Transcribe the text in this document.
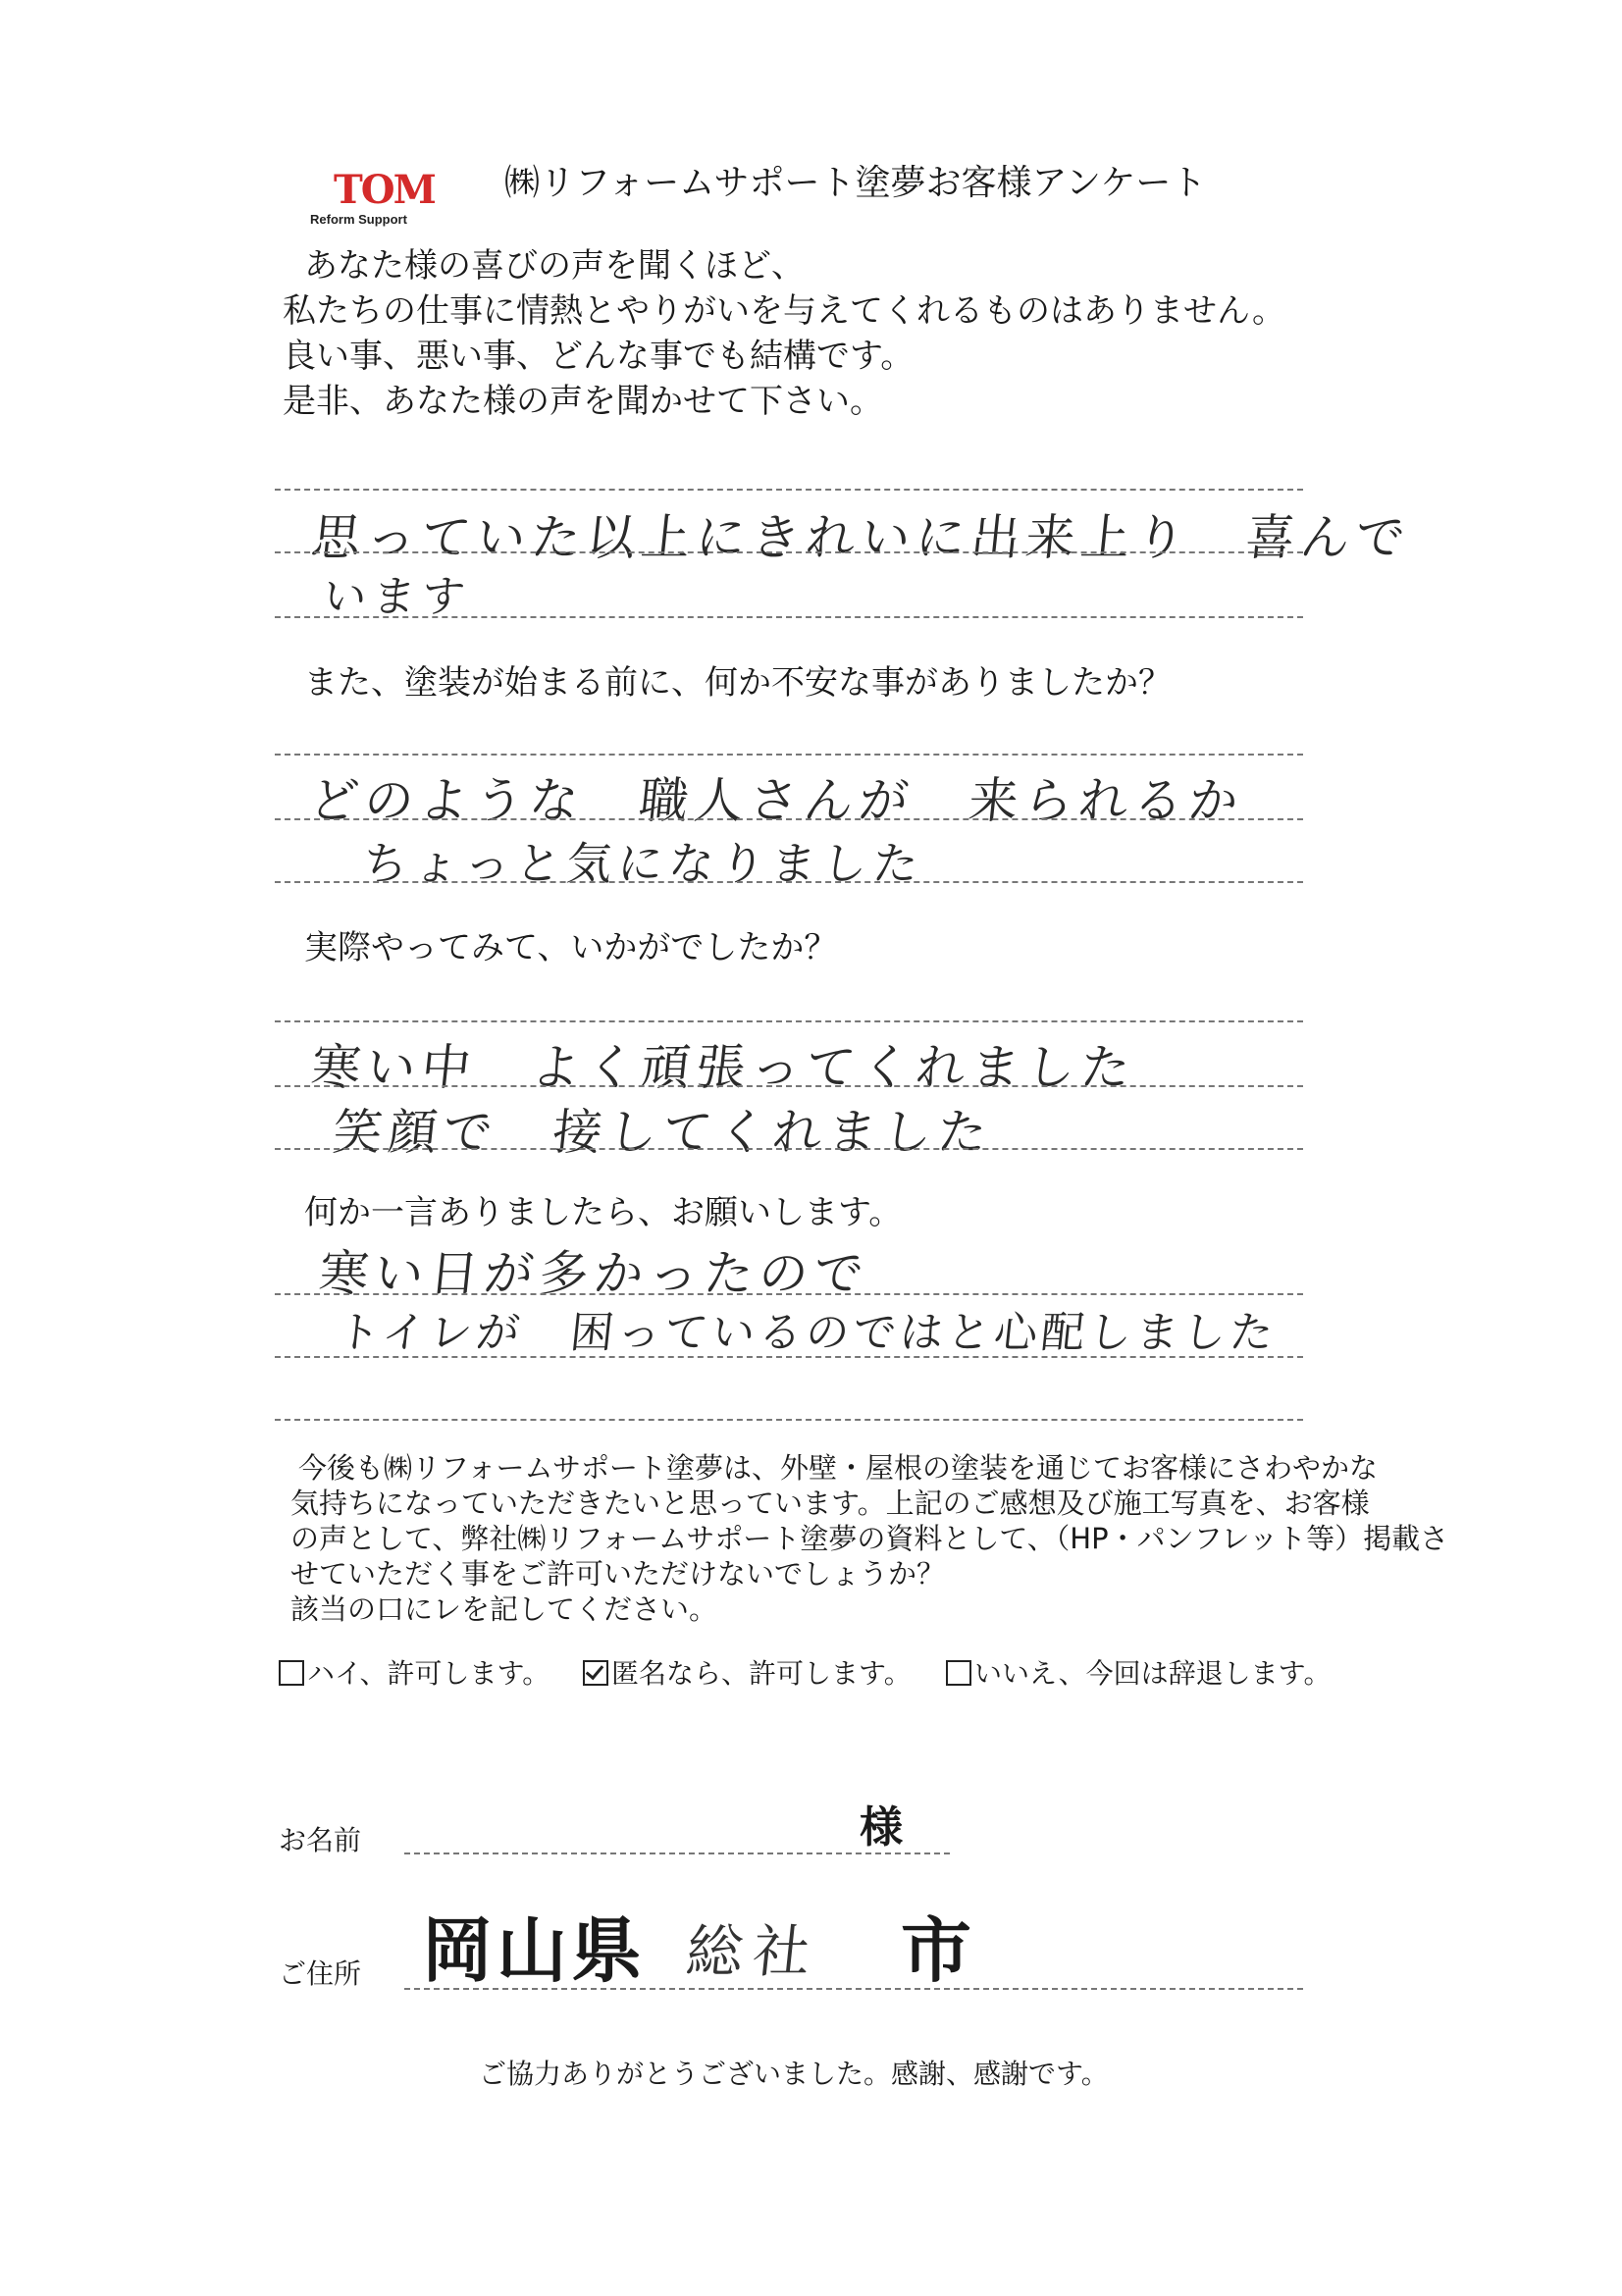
TOM
Reform Support
㈱リフォームサポート塗夢お客様アンケート
あなた様の喜びの声を聞くほど、
私たちの仕事に情熱とやりがいを与えてくれるものはありません。
良い事、悪い事、どんな事でも結構です。
是非、あなた様の声を聞かせて下さい。
思っていた以上にきれいに出来上り　喜んで
います
また、塗装が始まる前に、何か不安な事がありましたか？
どのような　職人さんが　来られるか
ちょっと気になりました
実際やってみて、いかがでしたか？
寒い中　よく頑張ってくれました
笑顔で　接してくれました
何か一言ありましたら、お願いします。
寒い日が多かったので
トイレが　困っているのではと心配しました
今後も㈱リフォームサポート塗夢は、外壁・屋根の塗装を通じてお客様にさわやかな
気持ちになっていただきたいと思っています。上記のご感想及び施工写真を、お客様
の声として、弊社㈱リフォームサポート塗夢の資料として、（HP・パンフレット等）掲載さ
せていただく事をご許可いただけないでしょうか？
該当の口にレを記してください。
ハイ、許可します。	匿名なら、許可します。	いいえ、今回は辞退します。
お名前	様
ご住所 岡山県 総社 市
ご協力ありがとうございました。感謝、感謝です。
